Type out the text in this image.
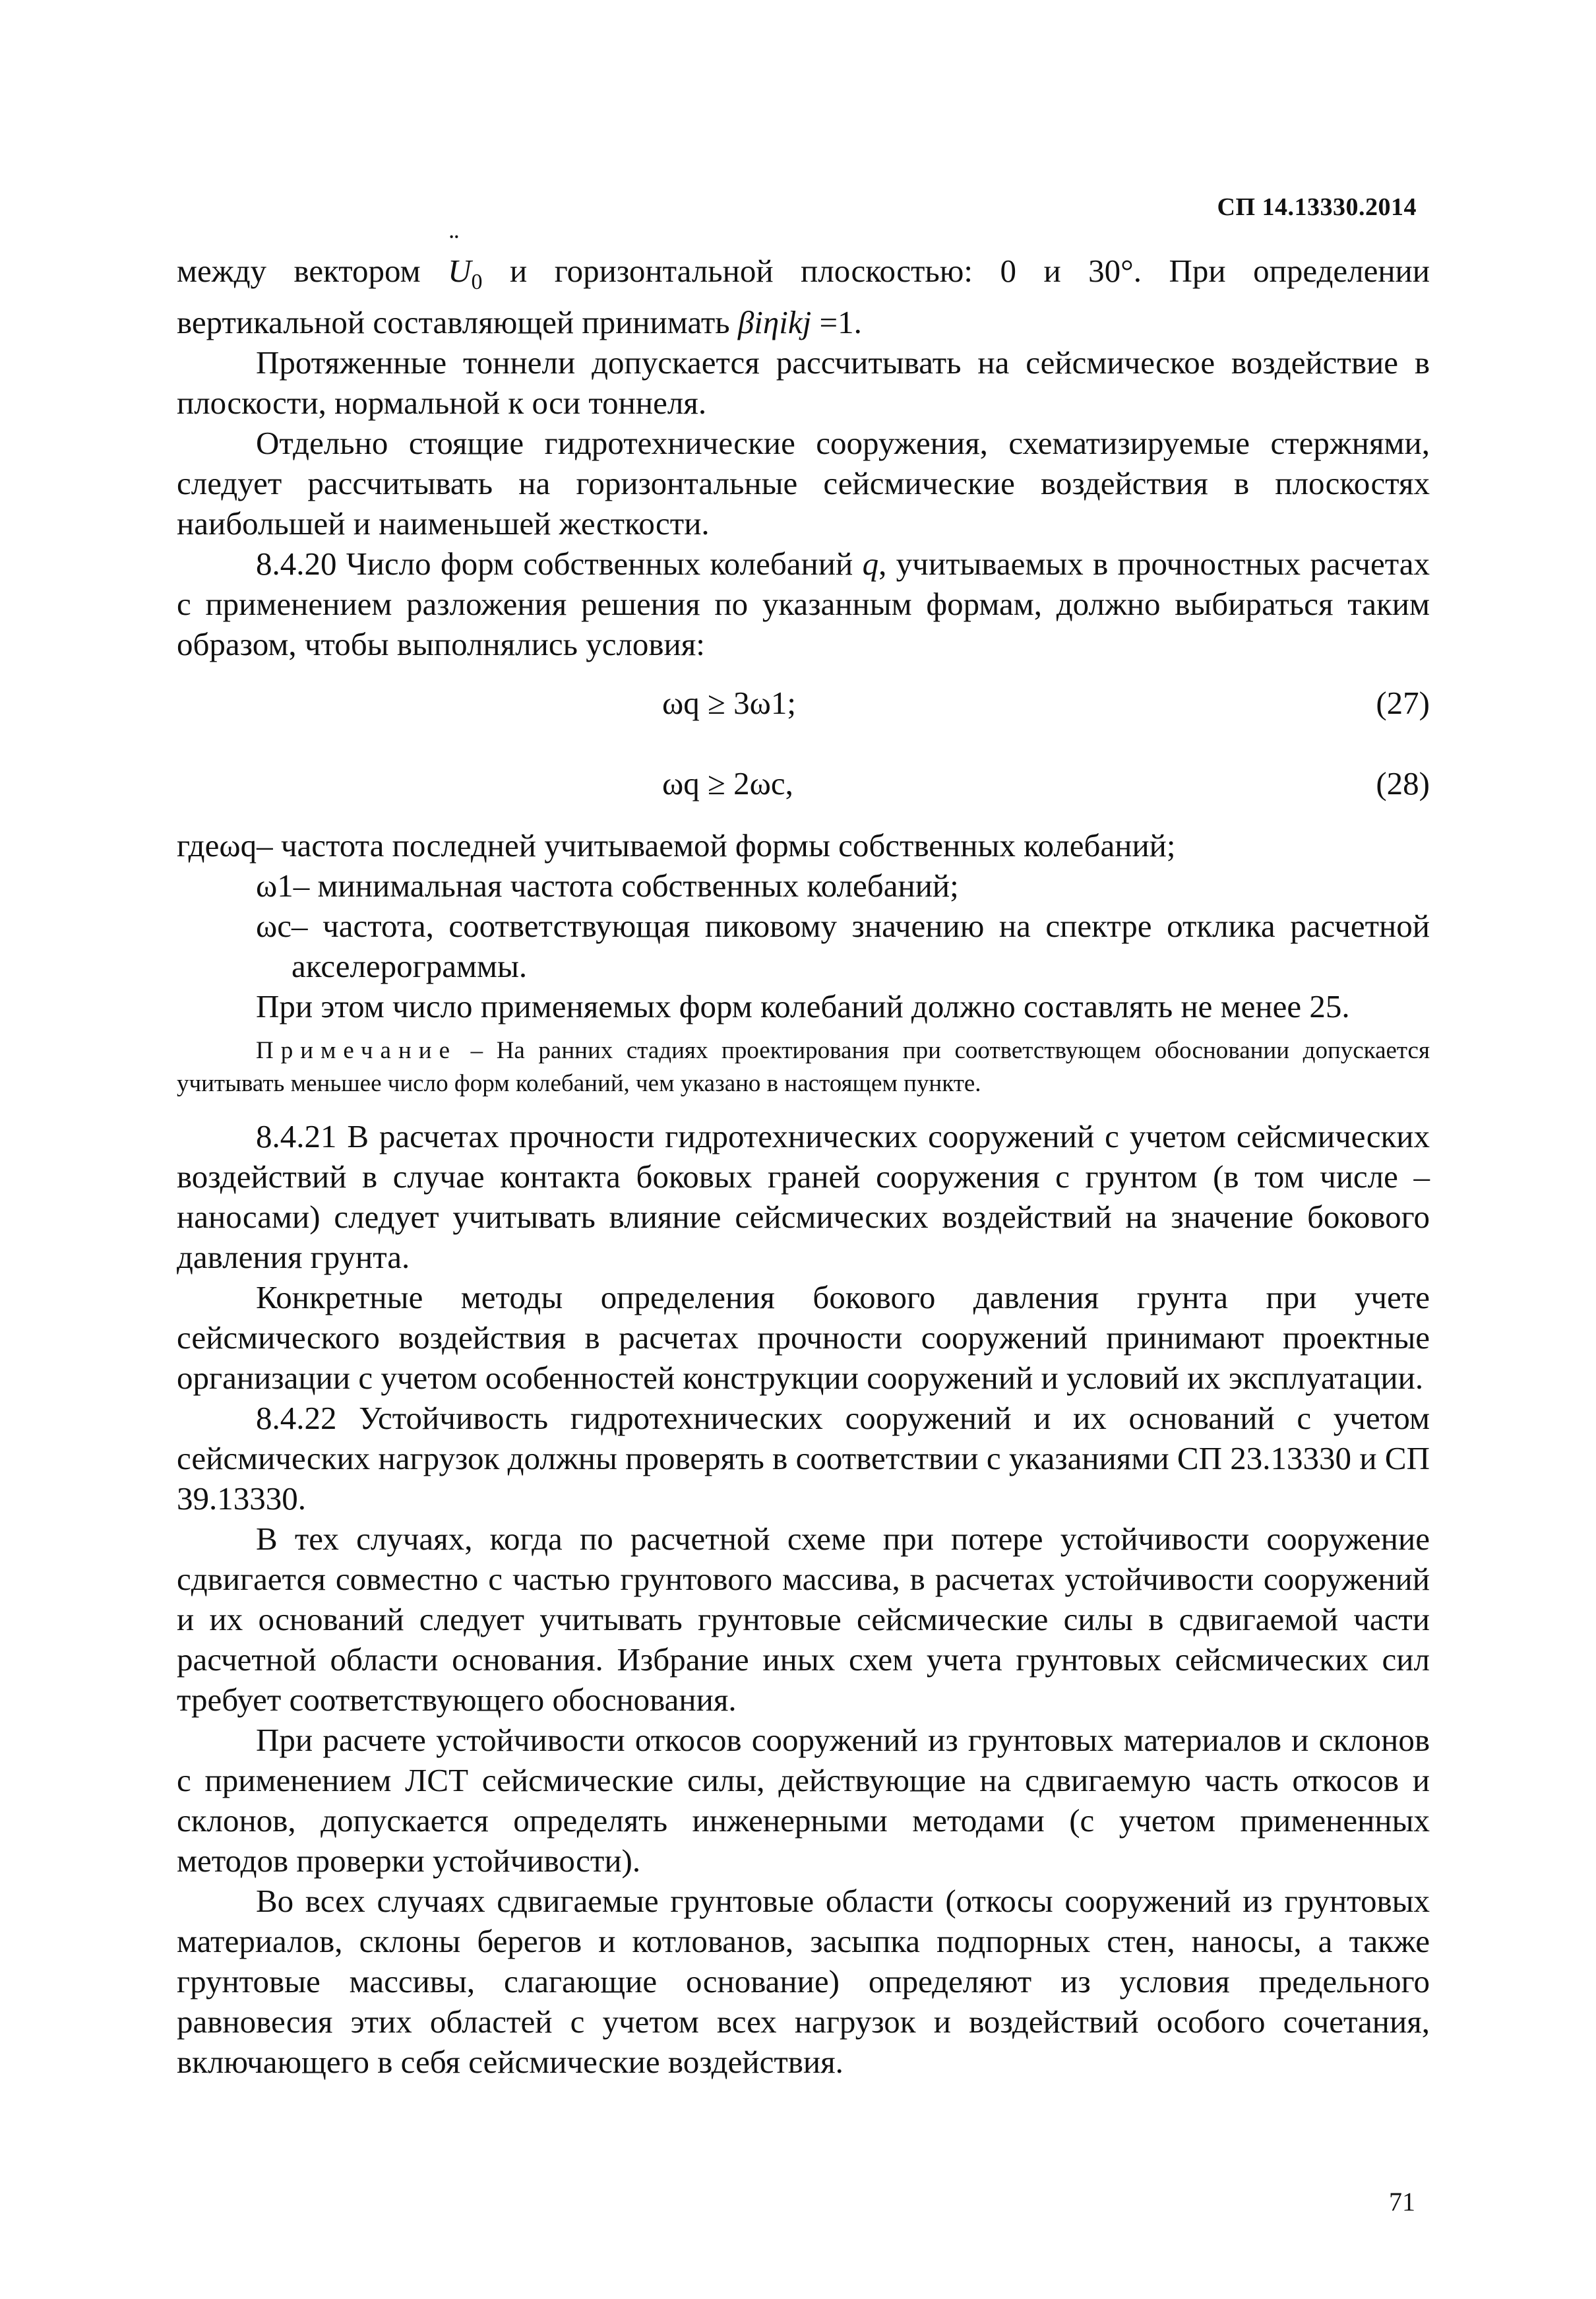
СП 14.13330.2014

между вектором ¨ $U_0$ и горизонтальной плоскостью: 0 и 30°. При определении вертикальной составляющей принимать βiηikj =1.

Протяженные тоннели допускается рассчитывать на сейсмическое воздействие в плоскости, нормальной к оси тоннеля.

Отдельно стоящие гидротехнические сооружения, схематизируемые стержнями, следует рассчитывать на горизонтальные сейсмические воздействия в плоскостях наибольшей и наименьшей жесткости.

8.4.20 Число форм собственных колебаний q, учитываемых в прочностных расчетах с применением разложения решения по указанным формам, должно выбираться таким образом, чтобы выполнялись условия:

ωq ≥ 3ω1;	(27)
ωq ≥ 2ωc,	(28)
где ωq – частота последней учитываемой формы собственных колебаний;
ω1 – минимальная частота собственных колебаний;
ωc – частота, соответствующая пиковому значению на спектре отклика расчетной акселерограммы.

При этом число применяемых форм колебаний должно составлять не менее 25.

Примечание – На ранних стадиях проектирования при соответствующем обосновании допускается учитывать меньшее число форм колебаний, чем указано в настоящем пункте.

8.4.21 В расчетах прочности гидротехнических сооружений с учетом сейсмических воздействий в случае контакта боковых граней сооружения с грунтом (в том числе – наносами) следует учитывать влияние сейсмических воздействий на значение бокового давления грунта.

Конкретные методы определения бокового давления грунта при учете сейсмического воздействия в расчетах прочности сооружений принимают проектные организации с учетом особенностей конструкции сооружений и условий их эксплуатации.

8.4.22 Устойчивость гидротехнических сооружений и их оснований с учетом сейсмических нагрузок должны проверять в соответствии с указаниями СП 23.13330 и СП 39.13330.

В тех случаях, когда по расчетной схеме при потере устойчивости сооружение сдвигается совместно с частью грунтового массива, в расчетах устойчивости сооружений и их оснований следует учитывать грунтовые сейсмические силы в сдвигаемой части расчетной области основания. Избрание иных схем учета грунтовых сейсмических сил требует соответствующего обоснования.

При расчете устойчивости откосов сооружений из грунтовых материалов и склонов с применением ЛСТ сейсмические силы, действующие на сдвигаемую часть откосов и склонов, допускается определять инженерными методами (с учетом примененных методов проверки устойчивости).

Во всех случаях сдвигаемые грунтовые области (откосы сооружений из грунтовых материалов, склоны берегов и котлованов, засыпка подпорных стен, наносы, а также грунтовые массивы, слагающие основание) определяют из условия предельного равновесия этих областей с учетом всех нагрузок и воздействий особого сочетания, включающего в себя сейсмические воздействия.

71
